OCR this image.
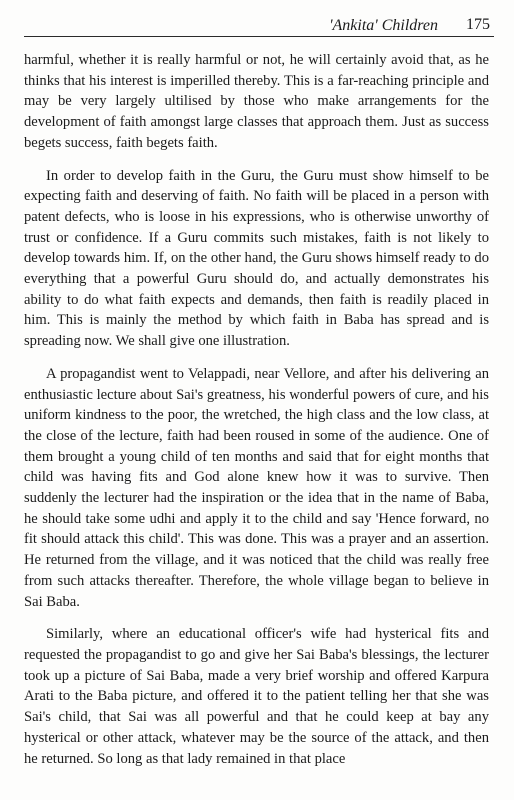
'Ankita' Children 175

harmful, whether it is really harmful or not, he will certainly avoid that, as he thinks that his interest is imperilled thereby. This is a far-reaching principle and may be very largely ultilised by those who make arrangements for the development of faith amongst large classes that approach them. Just as success begets success, faith begets faith.

In order to develop faith in the Guru, the Guru must show himself to be expecting faith and deserving of faith. No faith will be placed in a person with patent defects, who is loose in his expressions, who is otherwise unworthy of trust or confidence. If a Guru commits such mistakes, faith is not likely to develop towards him. If, on the other hand, the Guru shows himself ready to do everything that a powerful Guru should do, and actually demonstrates his ability to do what faith expects and demands, then faith is readily placed in him. This is mainly the method by which faith in Baba has spread and is spreading now. We shall give one illustration.

A propagandist went to Velappadi, near Vellore, and after his delivering an enthusiastic lecture about Sai's greatness, his wonderful powers of cure, and his uniform kindness to the poor, the wretched, the high class and the low class, at the close of the lecture, faith had been roused in some of the audience. One of them brought a young child of ten months and said that for eight months that child was having fits and God alone knew how it was to survive. Then suddenly the lecturer had the inspiration or the idea that in the name of Baba, he should take some udhi and apply it to the child and say 'Hence forward, no fit should attack this child'. This was done. This was a prayer and an assertion. He returned from the village, and it was noticed that the child was really free from such attacks thereafter. Therefore, the whole village began to believe in Sai Baba.

Similarly, where an educational officer's wife had hysterical fits and requested the propagandist to go and give her Sai Baba's blessings, the lecturer took up a picture of Sai Baba, made a very brief worship and offered Karpura Arati to the Baba picture, and offered it to the patient telling her that she was Sai's child, that Sai was all powerful and that he could keep at bay any hysterical or other attack, whatever may be the source of the attack, and then he returned. So long as that lady remained in that place
